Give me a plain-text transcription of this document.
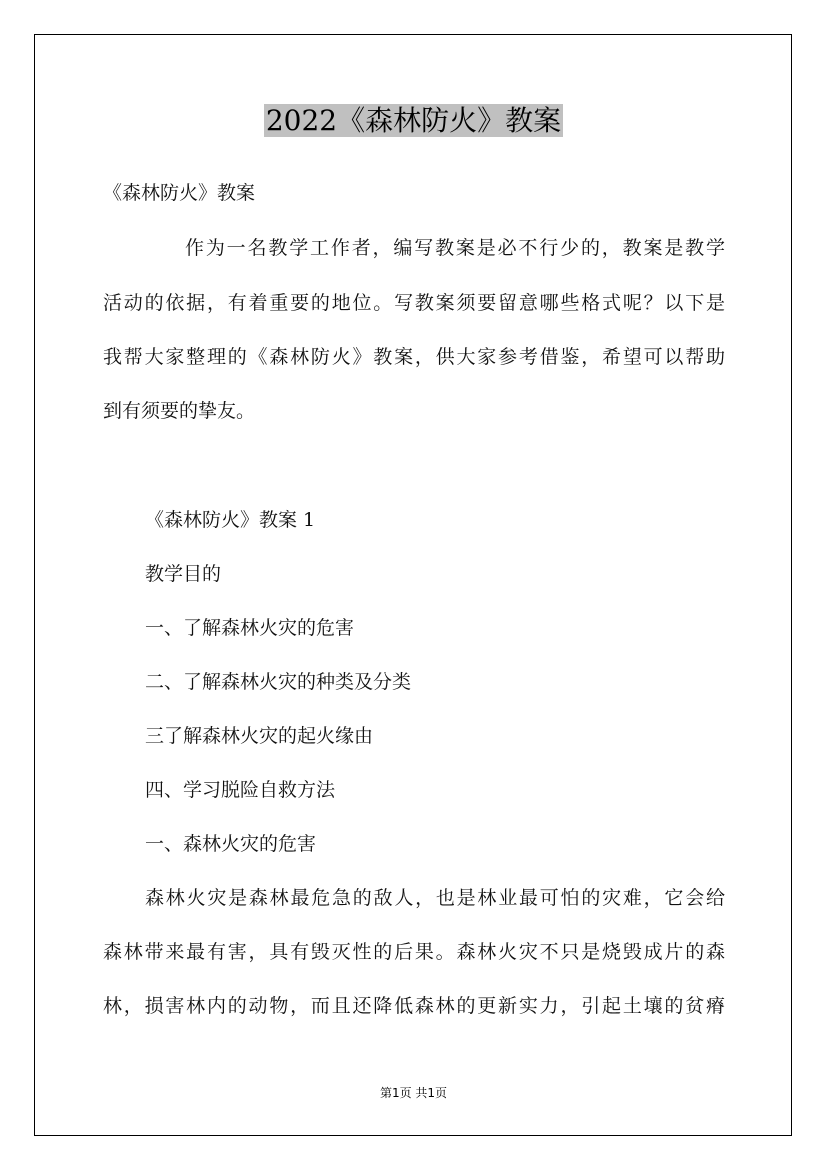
2022《森林防火》教案
《森林防火》教案
作为一名教学工作者，编写教案是必不行少的，教案是教学
活动的依据，有着重要的地位。写教案须要留意哪些格式呢？以下是
我帮大家整理的《森林防火》教案，供大家参考借鉴，希望可以帮助
到有须要的挚友。
《森林防火》教案 1
教学目的
一、了解森林火灾的危害
二、了解森林火灾的种类及分类
三了解森林火灾的起火缘由
四、学习脱险自救方法
一、森林火灾的危害
森林火灾是森林最危急的敌人，也是林业最可怕的灾难，它会给
森林带来最有害，具有毁灭性的后果。森林火灾不只是烧毁成片的森
林，损害林内的动物，而且还降低森林的更新实力，引起土壤的贫瘠
第1页 共1页
